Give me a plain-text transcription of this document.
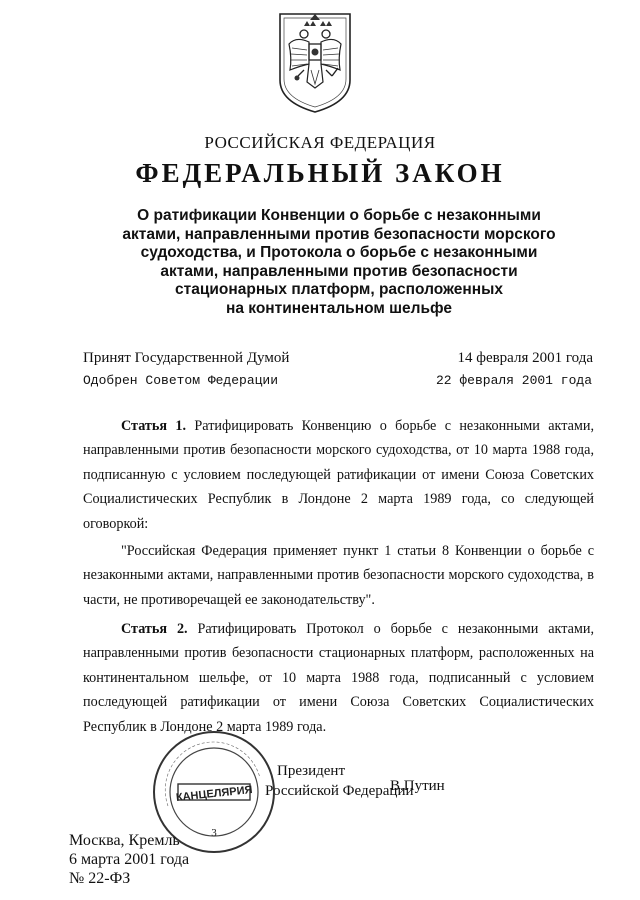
РОССИЙСКАЯ ФЕДЕРАЦИЯ
ФЕДЕРАЛЬНЫЙ ЗАКОН
О ратификации Конвенции о борьбе с незаконными
актами, направленными против безопасности морского
судоходства, и Протокола о борьбе с незаконными
актами, направленными против безопасности
стационарных платформ, расположенных
на континентальном шельфе
Принят Государственной Думой	14 февраля 2001 года
Одобрен Советом Федерации	22 февраля 2001 года
Статья 1. Ратифицировать Конвенцию о борьбе с незаконными актами, направленными против безопасности морского судоходства, от 10 марта 1988 года, подписанную с условием последующей ратификации от имени Союза Советских Социалистических Республик в Лондоне 2 марта 1989 года, со следующей оговоркой:
"Российская Федерация применяет пункт 1 статьи 8 Конвенции о борьбе с незаконными актами, направленными против безопасности морского судоходства, в части, не противоречащей ее законодательству".
Статья 2. Ратифицировать Протокол о борьбе с незаконными актами, направленными против безопасности стационарных платформ, расположенных на континентальном шельфе, от 10 марта 1988 года, подписанный с условием последующей ратификации от имени Союза Советских Социалистических Республик в Лондоне 2 марта 1989 года.
Президент
Российской Федерации
В.Путин
КАНЦЕЛЯРИЯ
3
Москва, Кремль
6 марта 2001 года
№ 22-ФЗ
